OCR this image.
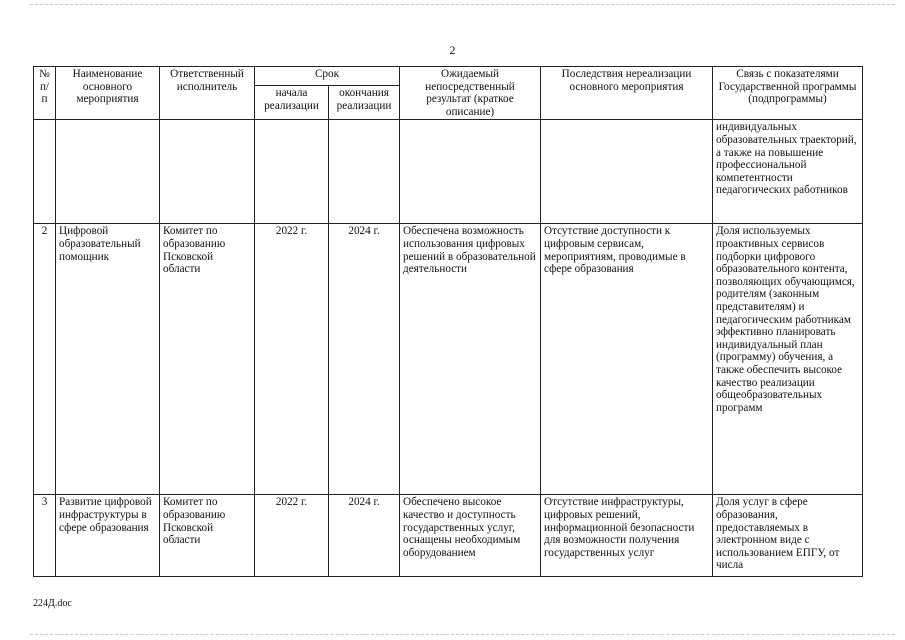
2
№ п/п	Наименование основного мероприятия	Ответственный исполнитель	Срок		Ожидаемый непосредственный результат (краткое описание)	Последствия нереализации основного мероприятия	Связь с показателями Государственной программы (подпрограммы)
			начала реализации	окончания реализации			
							индивидуальных образовательных траекторий, а также на повышение профессиональной компетентности педагогических работников
2	Цифровой образовательный помощник	Комитет по образованию Псковской области	2022 г.	2024 г.	Обеспечена возможность использования цифровых решений в образовательной деятельности	Отсутствие доступности к цифровым сервисам, мероприятиям, проводимые в сфере образования	Доля используемых проактивных сервисов подборки цифрового образовательного контента, позволяющих обучающимся, родителям (законным представителям) и педагогическим работникам эффективно планировать индивидуальный план (программу) обучения, а также обеспечить высокое качество реализации общеобразовательных программ
3	Развитие цифровой инфраструктуры в сфере образования	Комитет по образованию Псковской области	2022 г.	2024 г.	Обеспечено высокое качество и доступность государственных услуг, оснащены необходимым оборудованием	Отсутствие инфраструктуры, цифровых решений, информационной безопасности для возможности получения государственных услуг	Доля услуг в сфере образования, предоставляемых в электронном виде с использованием ЕПГУ, от числа
224Д.doc
